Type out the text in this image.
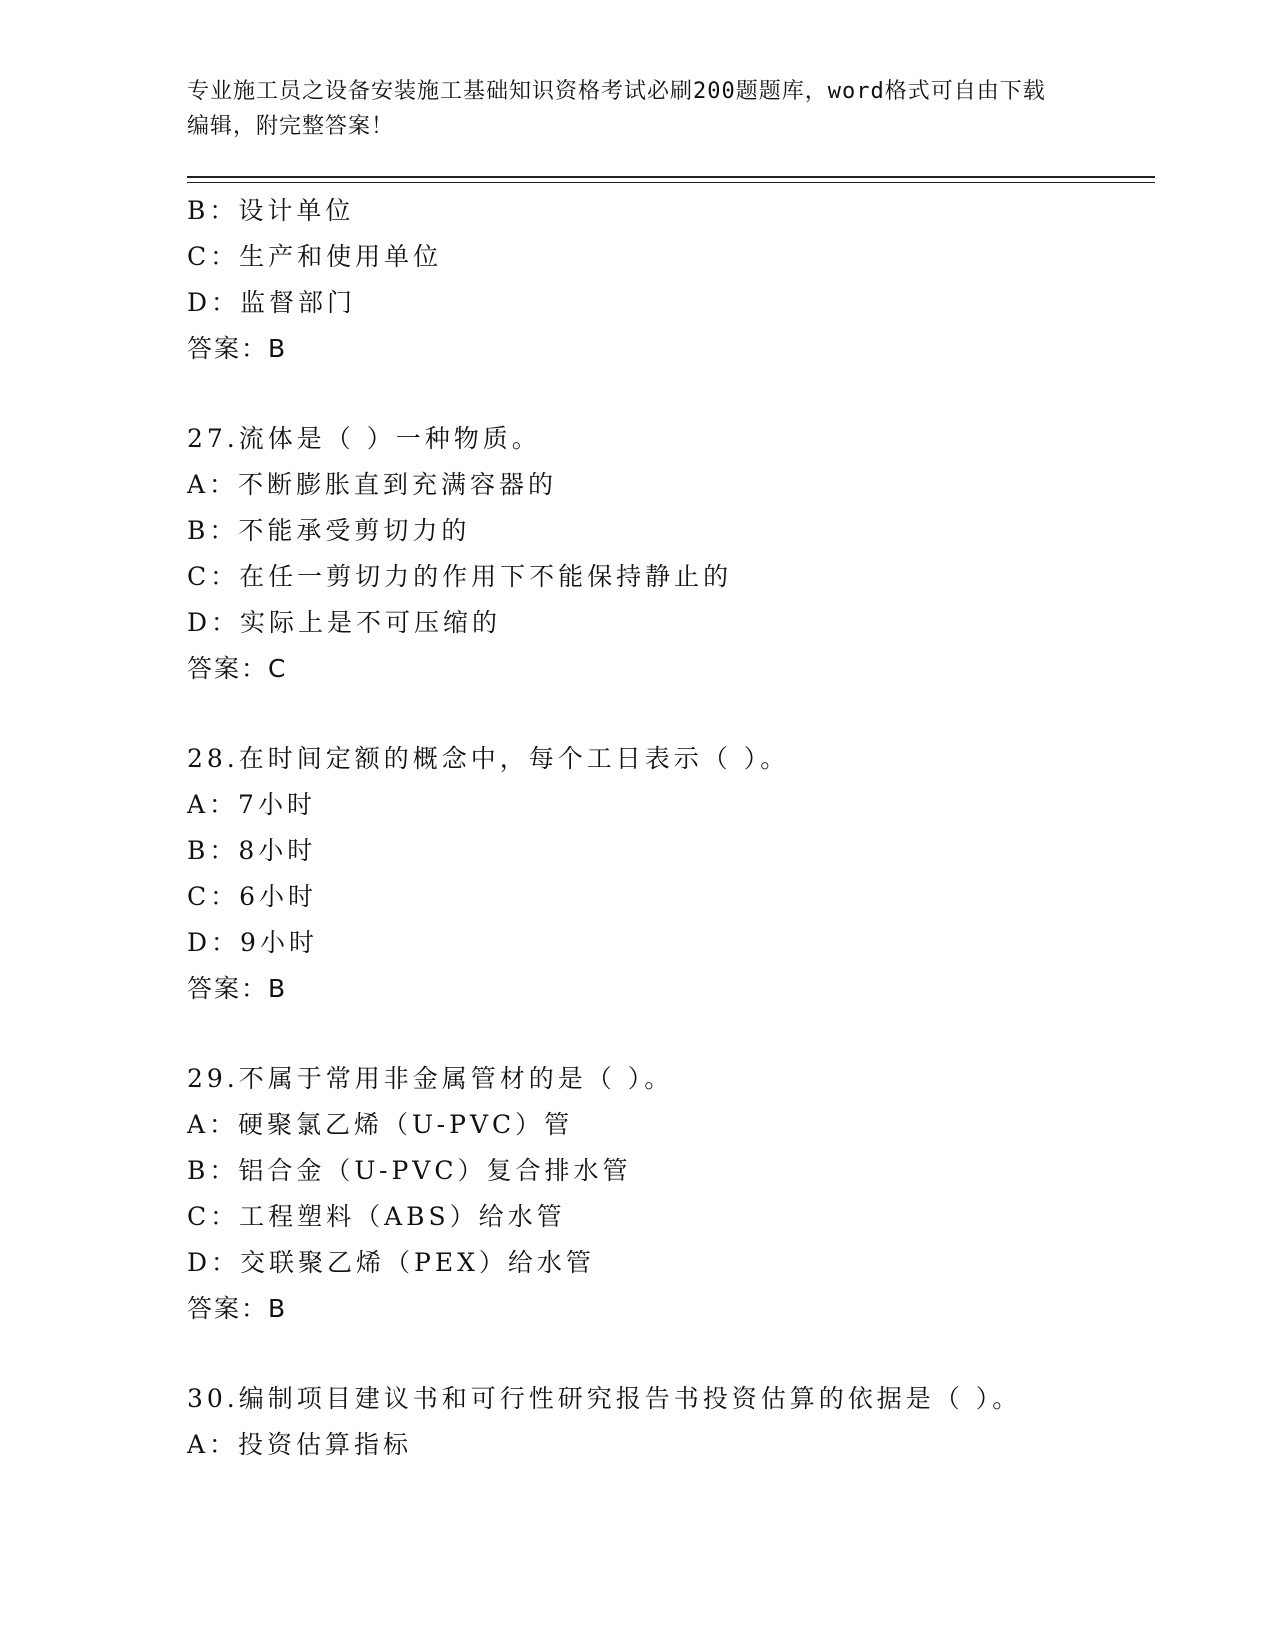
专业施工员之设备安装施工基础知识资格考试必刷200题题库，word格式可自由下载编辑，附完整答案！
B：设计单位
C：生产和使用单位
D：监督部门
答案：B
27.流体是（ ）一种物质。
A：不断膨胀直到充满容器的
B：不能承受剪切力的
C：在任一剪切力的作用下不能保持静止的
D：实际上是不可压缩的
答案：C
28.在时间定额的概念中，每个工日表示（ ）。
A：7小时
B：8小时
C：6小时
D：9小时
答案：B
29.不属于常用非金属管材的是（ ）。
A：硬聚氯乙烯（U-PVC）管
B：铝合金（U-PVC）复合排水管
C：工程塑料（ABS）给水管
D：交联聚乙烯（PEX）给水管
答案：B
30.编制项目建议书和可行性研究报告书投资估算的依据是（ ）。
A：投资估算指标
